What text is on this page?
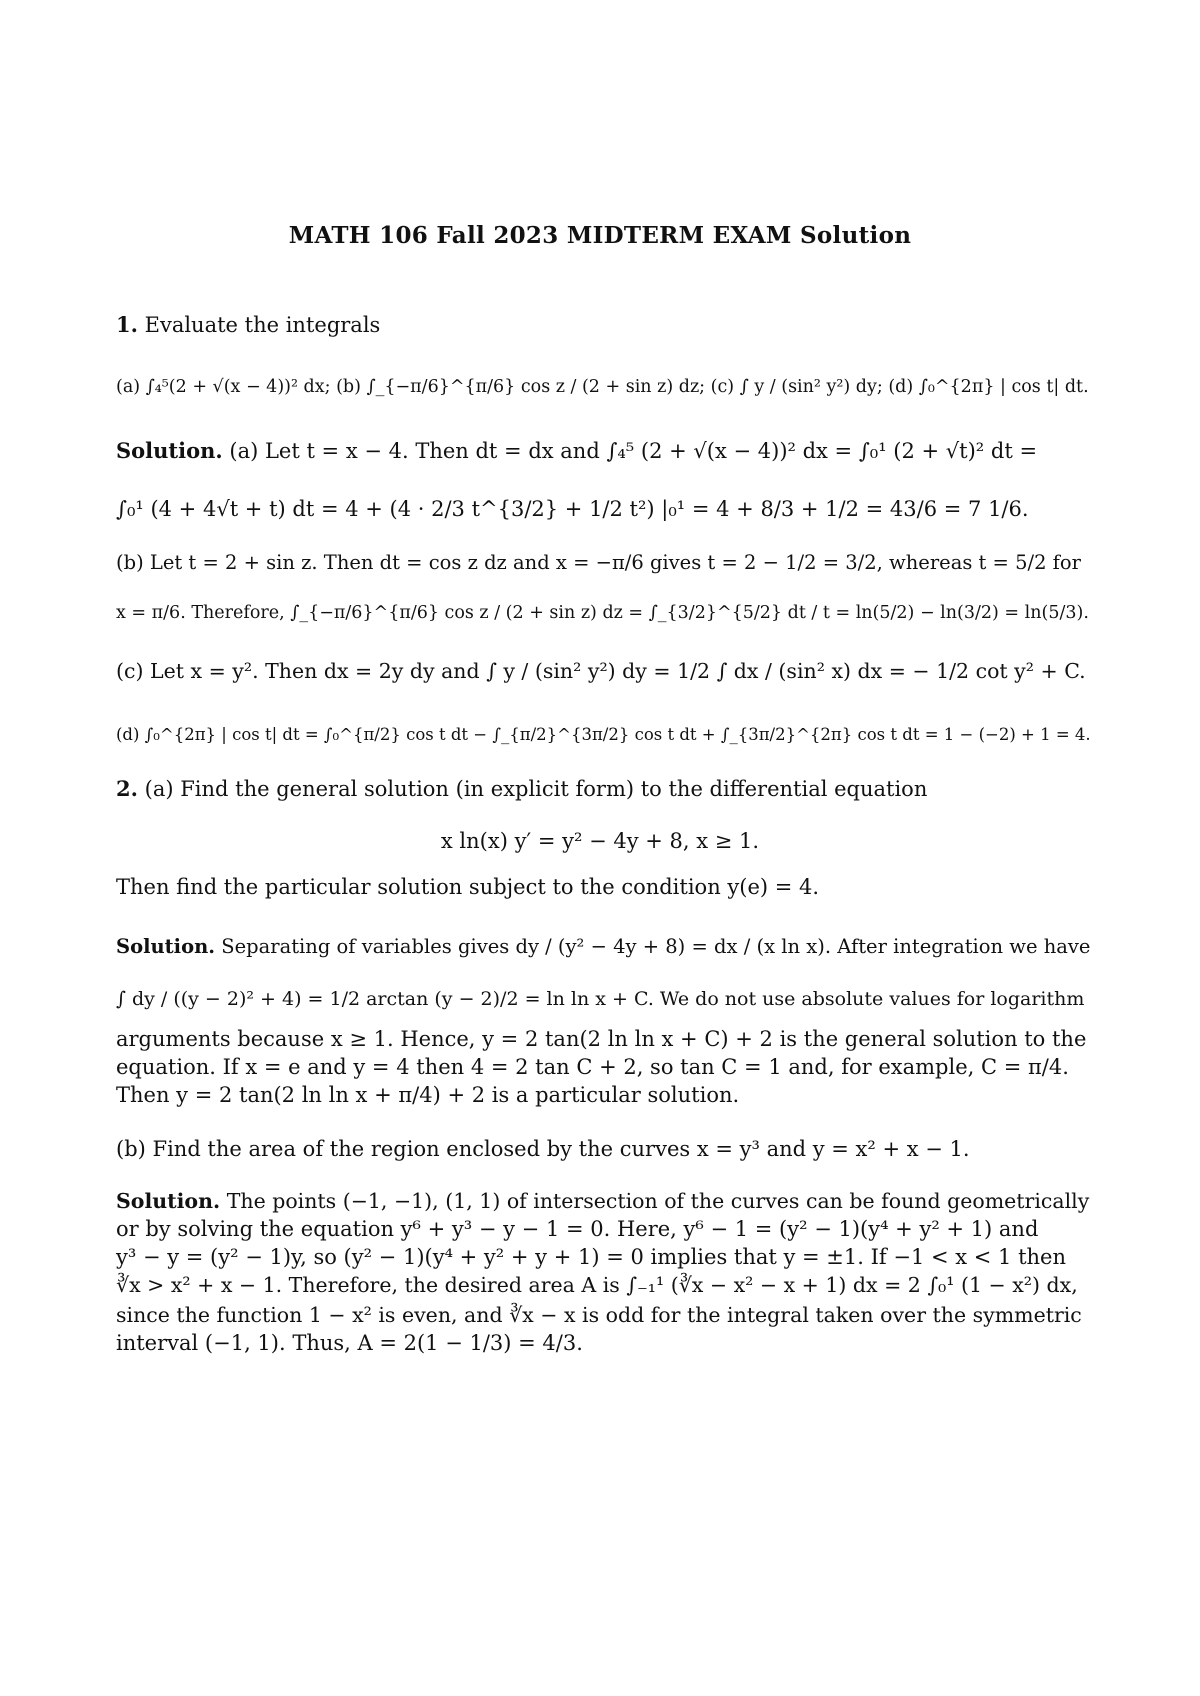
MATH 106 Fall 2023 MIDTERM EXAM Solution
1. Evaluate the integrals
(a) ∫₄⁵(2 + √(x − 4))² dx; (b) ∫_{−π/6}^{π/6} cos z / (2 + sin z) dz; (c) ∫ y / (sin² y²) dy; (d) ∫₀^{2π} | cos t| dt.
Solution. (a) Let t = x − 4. Then dt = dx and ∫₄⁵ (2 + √(x − 4))² dx = ∫₀¹ (2 + √t)² dt =
∫₀¹ (4 + 4√t + t) dt = 4 + (4 · 2/3 t^{3/2} + 1/2 t²) |₀¹ = 4 + 8/3 + 1/2 = 43/6 = 7 1/6.
(b) Let t = 2 + sin z. Then dt = cos z dz and x = −π/6 gives t = 2 − 1/2 = 3/2, whereas t = 5/2 for
x = π/6. Therefore, ∫_{−π/6}^{π/6} cos z / (2 + sin z) dz = ∫_{3/2}^{5/2} dt / t = ln(5/2) − ln(3/2) = ln(5/3).
(c) Let x = y². Then dx = 2y dy and ∫ y / (sin² y²) dy = 1/2 ∫ dx / (sin² x) dx = − 1/2 cot y² + C.
(d) ∫₀^{2π} | cos t| dt = ∫₀^{π/2} cos t dt − ∫_{π/2}^{3π/2} cos t dt + ∫_{3π/2}^{2π} cos t dt = 1 − (−2) + 1 = 4.
2. (a) Find the general solution (in explicit form) to the differential equation
x ln(x) y′ = y² − 4y + 8, x ≥ 1.
Then find the particular solution subject to the condition y(e) = 4.
Solution. Separating of variables gives dy / (y² − 4y + 8) = dx / (x ln x). After integration we have
∫ dy / ((y − 2)² + 4) = 1/2 arctan (y − 2)/2 = ln ln x + C. We do not use absolute values for logarithm
arguments because x ≥ 1. Hence, y = 2 tan(2 ln ln x + C) + 2 is the general solution to the
equation. If x = e and y = 4 then 4 = 2 tan C + 2, so tan C = 1 and, for example, C = π/4.
Then y = 2 tan(2 ln ln x + π/4) + 2 is a particular solution.
(b) Find the area of the region enclosed by the curves x = y³ and y = x² + x − 1.
Solution. The points (−1, −1), (1, 1) of intersection of the curves can be found geometrically
or by solving the equation y⁶ + y³ − y − 1 = 0. Here, y⁶ − 1 = (y² − 1)(y⁴ + y² + 1) and
y³ − y = (y² − 1)y, so (y² − 1)(y⁴ + y² + y + 1) = 0 implies that y = ±1. If −1 < x < 1 then
∛x > x² + x − 1. Therefore, the desired area A is ∫₋₁¹ (∛x − x² − x + 1) dx = 2 ∫₀¹ (1 − x²) dx,
since the function 1 − x² is even, and ∛x − x is odd for the integral taken over the symmetric
interval (−1, 1). Thus, A = 2(1 − 1/3) = 4/3.
